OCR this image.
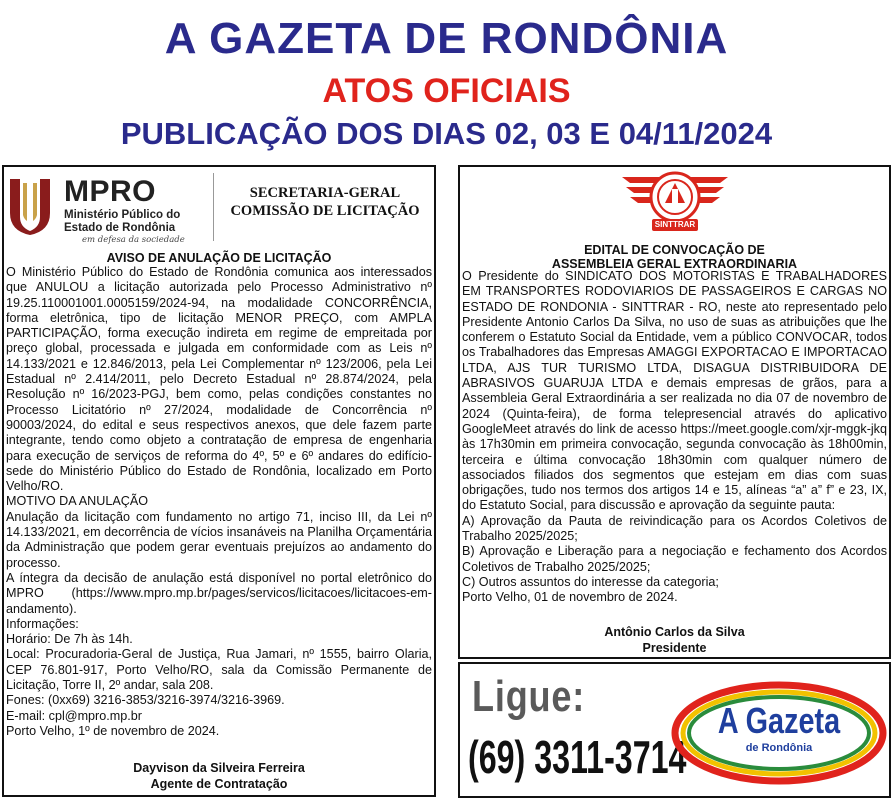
A GAZETA DE RONDÔNIA
ATOS OFICIAIS
PUBLICAÇÃO DOS DIAS 02, 03 E 04/11/2024
MPRO
Ministério Público do
Estado de Rondônia
em defesa da sociedade
SECRETARIA-GERAL
COMISSÃO DE LICITAÇÃO
AVISO DE ANULAÇÃO DE LICITAÇÃO
O Ministério Público do Estado de Rondônia comunica aos interessados que ANULOU a licitação autorizada pelo Processo Administrativo nº 19.25.110001001.0005159/2024-94, na modalidade CONCORRÊNCIA, forma eletrônica, tipo de licitação MENOR PREÇO, com AMPLA PARTICIPAÇÃO, forma execução indireta em regime de empreitada por preço global, processada e julgada em conformidade com as Leis nº 14.133/2021 e 12.846/2013, pela Lei Complementar nº 123/2006, pela Lei Estadual nº 2.414/2011, pelo Decreto Estadual nº 28.874/2024, pela Resolução nº 16/2023-PGJ, bem como, pelas condições constantes no Processo Licitatório nº 27/2024, modalidade de Concorrência nº 90003/2024, do edital e seus respectivos anexos, que dele fazem parte integrante, tendo como objeto a contratação de empresa de engenharia para execução de serviços de reforma do 4º, 5º e 6º andares do edifício-sede do Ministério Público do Estado de Rondônia, localizado em Porto Velho/RO.
MOTIVO DA ANULAÇÃO
Anulação da licitação com fundamento no artigo 71, inciso III, da Lei nº 14.133/2021, em decorrência de vícios insanáveis na Planilha Orçamentária da Administração que podem gerar eventuais prejuízos ao andamento do processo.
A íntegra da decisão de anulação está disponível no portal eletrônico do MPRO (https://www.mpro.mp.br/pages/servicos/licitacoes/licitacoes-em-andamento).
Informações:
Horário: De 7h às 14h.
Local: Procuradoria-Geral de Justiça, Rua Jamari, nº 1555, bairro Olaria, CEP 76.801-917, Porto Velho/RO, sala da Comissão Permanente de Licitação, Torre II, 2º andar, sala 208.
Fones: (0xx69) 3216-3853/3216-3974/3216-3969.
E-mail: cpl@mpro.mp.br
Porto Velho, 1º de novembro de 2024.
Dayvison da Silveira Ferreira
Agente de Contratação
SINTTRAR
EDITAL DE CONVOCAÇÃO DE
ASSEMBLEIA GERAL EXTRAORDINARIA
O Presidente do SINDICATO DOS MOTORISTAS E TRABALHADORES EM TRANSPORTES RODOVIARIOS DE PASSAGEIROS E CARGAS NO ESTADO DE RONDONIA - SINTTRAR - RO, neste ato representado pelo Presidente Antonio Carlos Da Silva, no uso de suas as atribuições que lhe conferem o Estatuto Social da Entidade, vem a público CONVOCAR, todos os Trabalhadores das Empresas AMAGGI EXPORTACAO E IMPORTACAO LTDA, AJS TUR TURISMO LTDA, DISAGUA DISTRIBUIDORA DE ABRASIVOS GUARUJA LTDA e demais empresas de grãos, para a Assembleia Geral Extraordinária a ser realizada no dia 07 de novembro de 2024 (Quinta-feira), de forma telepresencial através do aplicativo GoogleMeet através do link de acesso https://meet.google.com/xjr-mggk-jkq às 17h30min em primeira convocação, segunda convocação às 18h00min, terceira e última convocação 18h30min com qualquer número de associados filiados dos segmentos que estejam em dias com suas obrigações, tudo nos termos dos artigos 14 e 15, alíneas “a” a” f” e 23, IX, do Estatuto Social, para discussão e aprovação da seguinte pauta:
A) Aprovação da Pauta de reivindicação para os Acordos Coletivos de Trabalho 2025/2025;
B) Aprovação e Liberação para a negociação e fechamento dos Acordos Coletivos de Trabalho 2025/2025;
C) Outros assuntos do interesse da categoria;
Porto Velho, 01 de novembro de 2024.
Antônio Carlos da Silva
Presidente
Ligue:
(69) 3311-3714
A Gazeta
de Rondônia
